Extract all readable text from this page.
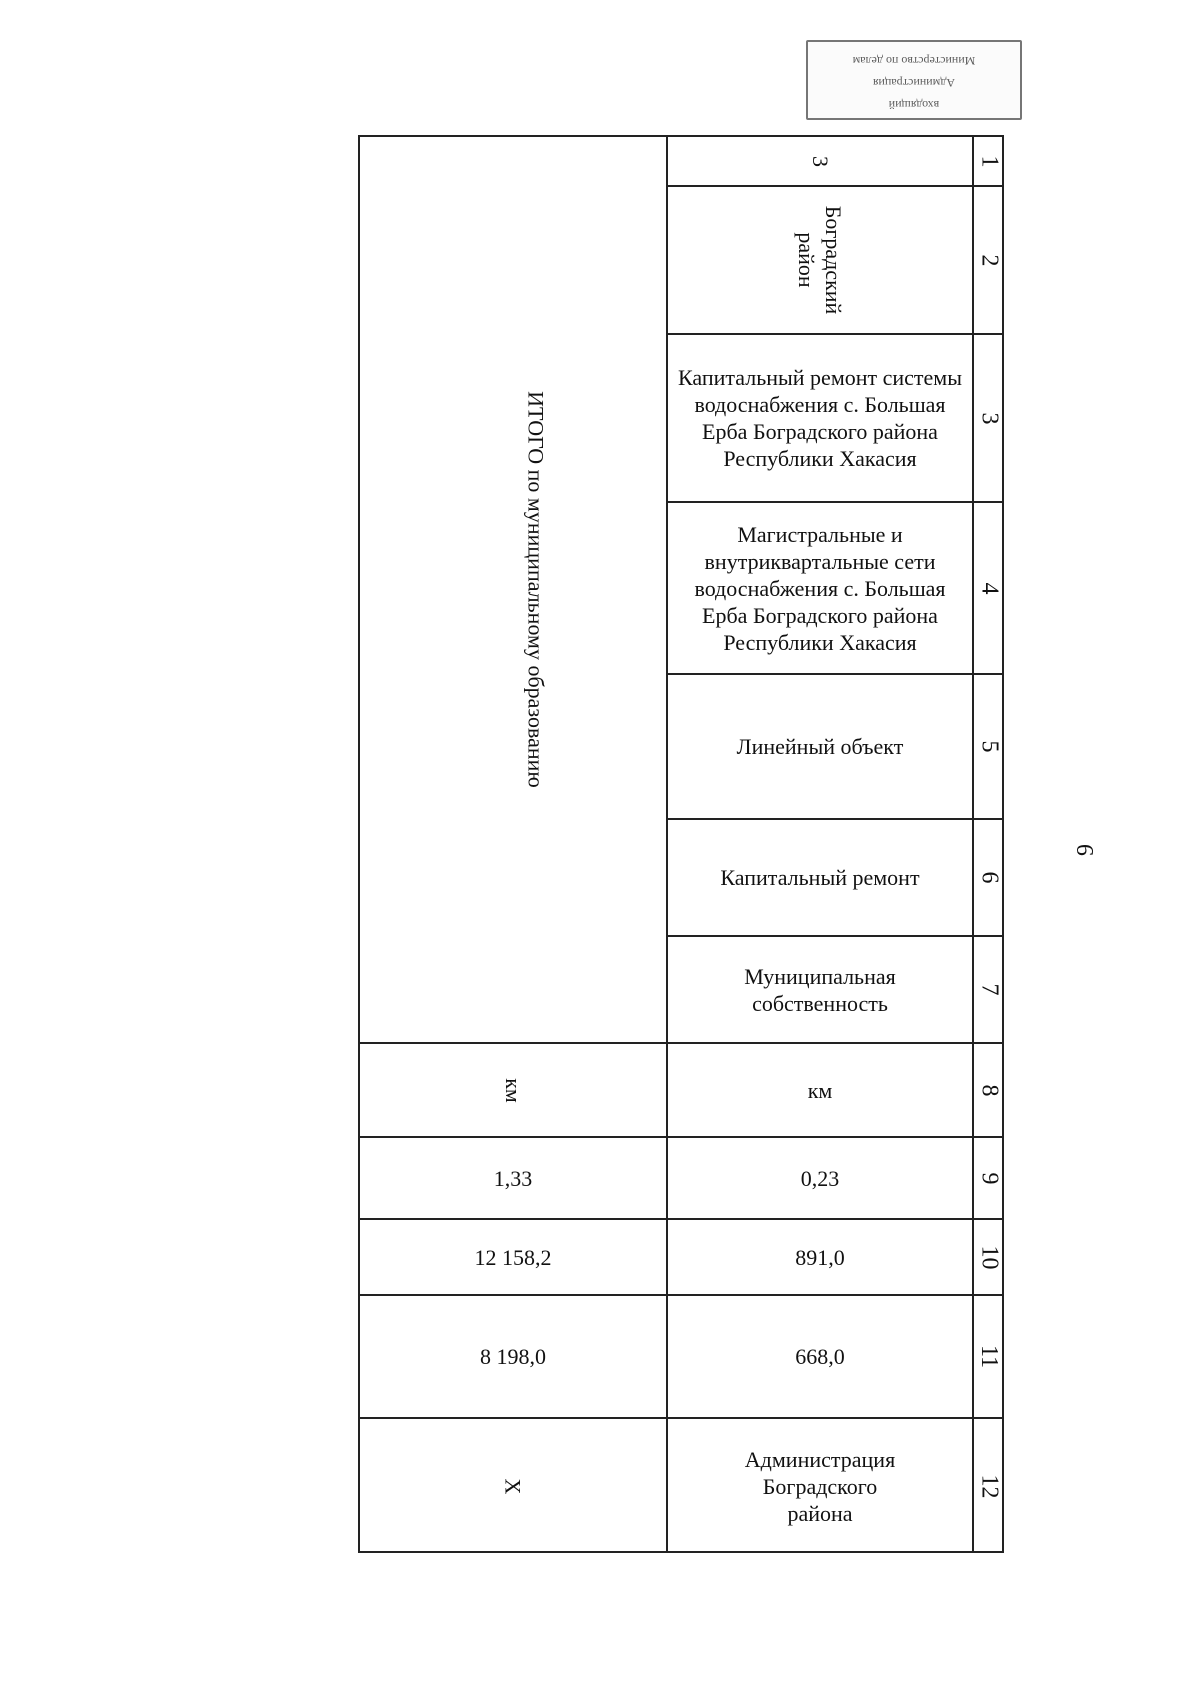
9
входящий
Администрация
Министерство по делам
1
2
3
4
5
6
7
8
9
10
11
12
3
Боградский район
Капитальный ремонт системы водоснабжения с. Большая Ерба Боградского района Республики Хакасия
Магистральные и внутриквартальные сети водоснабжения с. Большая Ерба Боградского района Республики Хакасия
Линейный объект
Капитальный ремонт
Муниципальная собственность
км
0,23
891,0
668,0
Администрация Боградского района
ИТОГО по муниципальному образованию
км
1,33
12 158,2
8 198,0
Х
